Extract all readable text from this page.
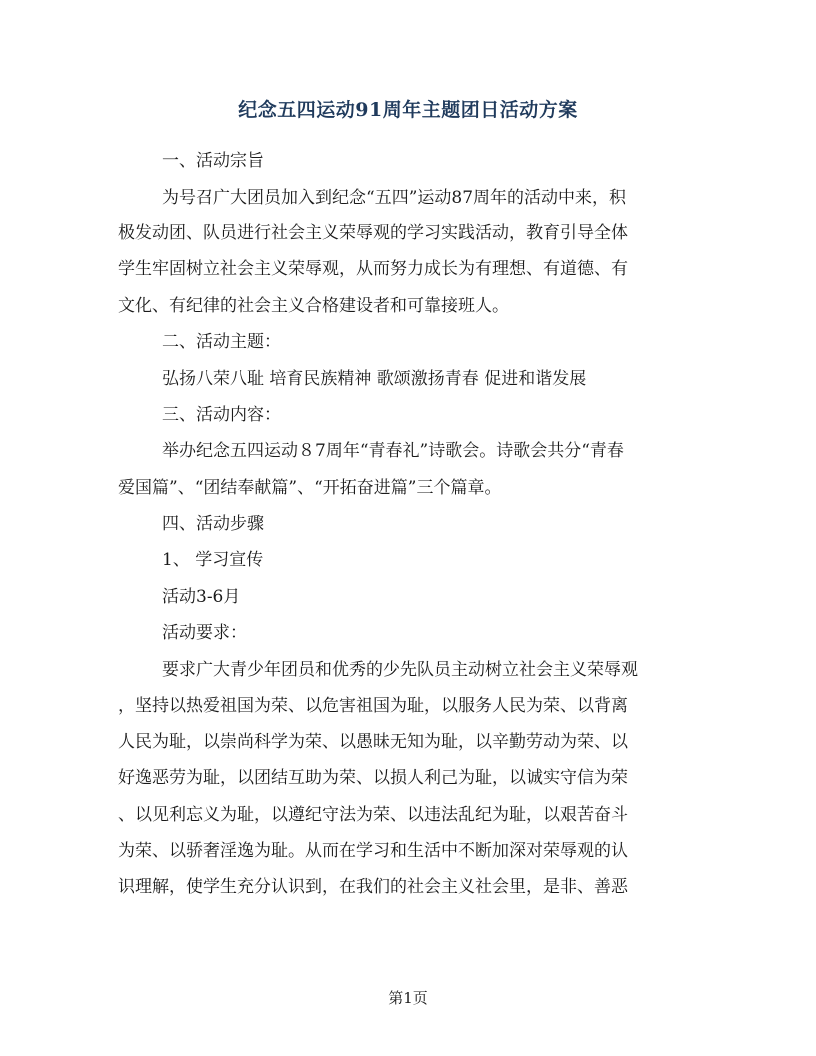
纪念五四运动91周年主题团日活动方案
一、活动宗旨
为号召广大团员加入到纪念“五四”运动87周年的活动中来，积
极发动团、队员进行社会主义荣辱观的学习实践活动，教育引导全体
学生牢固树立社会主义荣辱观，从而努力成长为有理想、有道德、有
文化、有纪律的社会主义合格建设者和可靠接班人。
二、活动主题：
弘扬八荣八耻 培育民族精神 歌颂激扬青春 促进和谐发展
三、活动内容：
举办纪念五四运动８7周年“青春礼”诗歌会。诗歌会共分“青春
爱国篇”、“团结奉献篇”、“开拓奋进篇”三个篇章。
四、活动步骤
1、 学习宣传
活动3-6月
活动要求：
要求广大青少年团员和优秀的少先队员主动树立社会主义荣辱观
，坚持以热爱祖国为荣、以危害祖国为耻，以服务人民为荣、以背离
人民为耻，以崇尚科学为荣、以愚昧无知为耻，以辛勤劳动为荣、以
好逸恶劳为耻，以团结互助为荣、以损人利己为耻，以诚实守信为荣
、以见利忘义为耻，以遵纪守法为荣、以违法乱纪为耻，以艰苦奋斗
为荣、以骄奢淫逸为耻。从而在学习和生活中不断加深对荣辱观的认
识理解，使学生充分认识到，在我们的社会主义社会里，是非、善恶
第1页
